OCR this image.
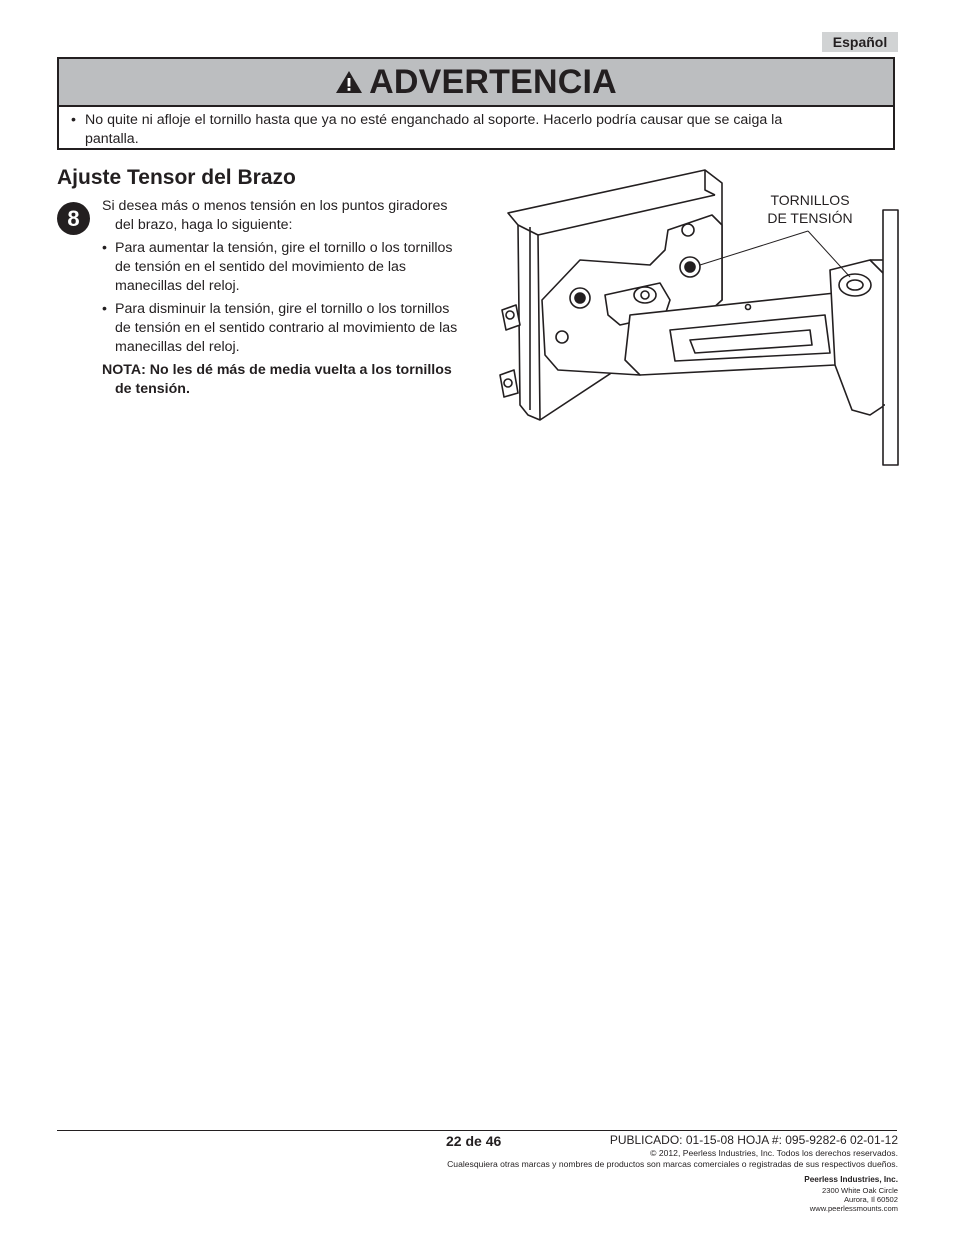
Español
ADVERTENCIA
• No quite ni afloje el tornillo hasta que ya no esté enganchado al soporte. Hacerlo podría causar que se caiga la
pantalla.
Ajuste Tensor del Brazo
8	Si desea más o menos tensión en los puntos giradores del brazo, haga lo siguiente:
• Para aumentar la tensión, gire el tornillo o los tornillos de tensión en el sentido del movimiento de las manecillas del reloj.
• Para disminuir la tensión, gire el tornillo o los tornillos de tensión en el sentido contrario al movimiento de las manecillas del reloj.
NOTA: No les dé más de media vuelta a los tornillos de tensión.
TORNILLOS
DE TENSIÓN
22 de 46	PUBLICADO: 01-15-08 HOJA #: 095-9282-6 02-01-12
© 2012, Peerless Industries, Inc. Todos los derechos reservados.
Cualesquiera otras marcas y nombres de productos son marcas comerciales o registradas de sus respectivos dueños.
Peerless Industries, Inc.
2300 White Oak Circle
Aurora, Il 60502
www.peerlessmounts.com
